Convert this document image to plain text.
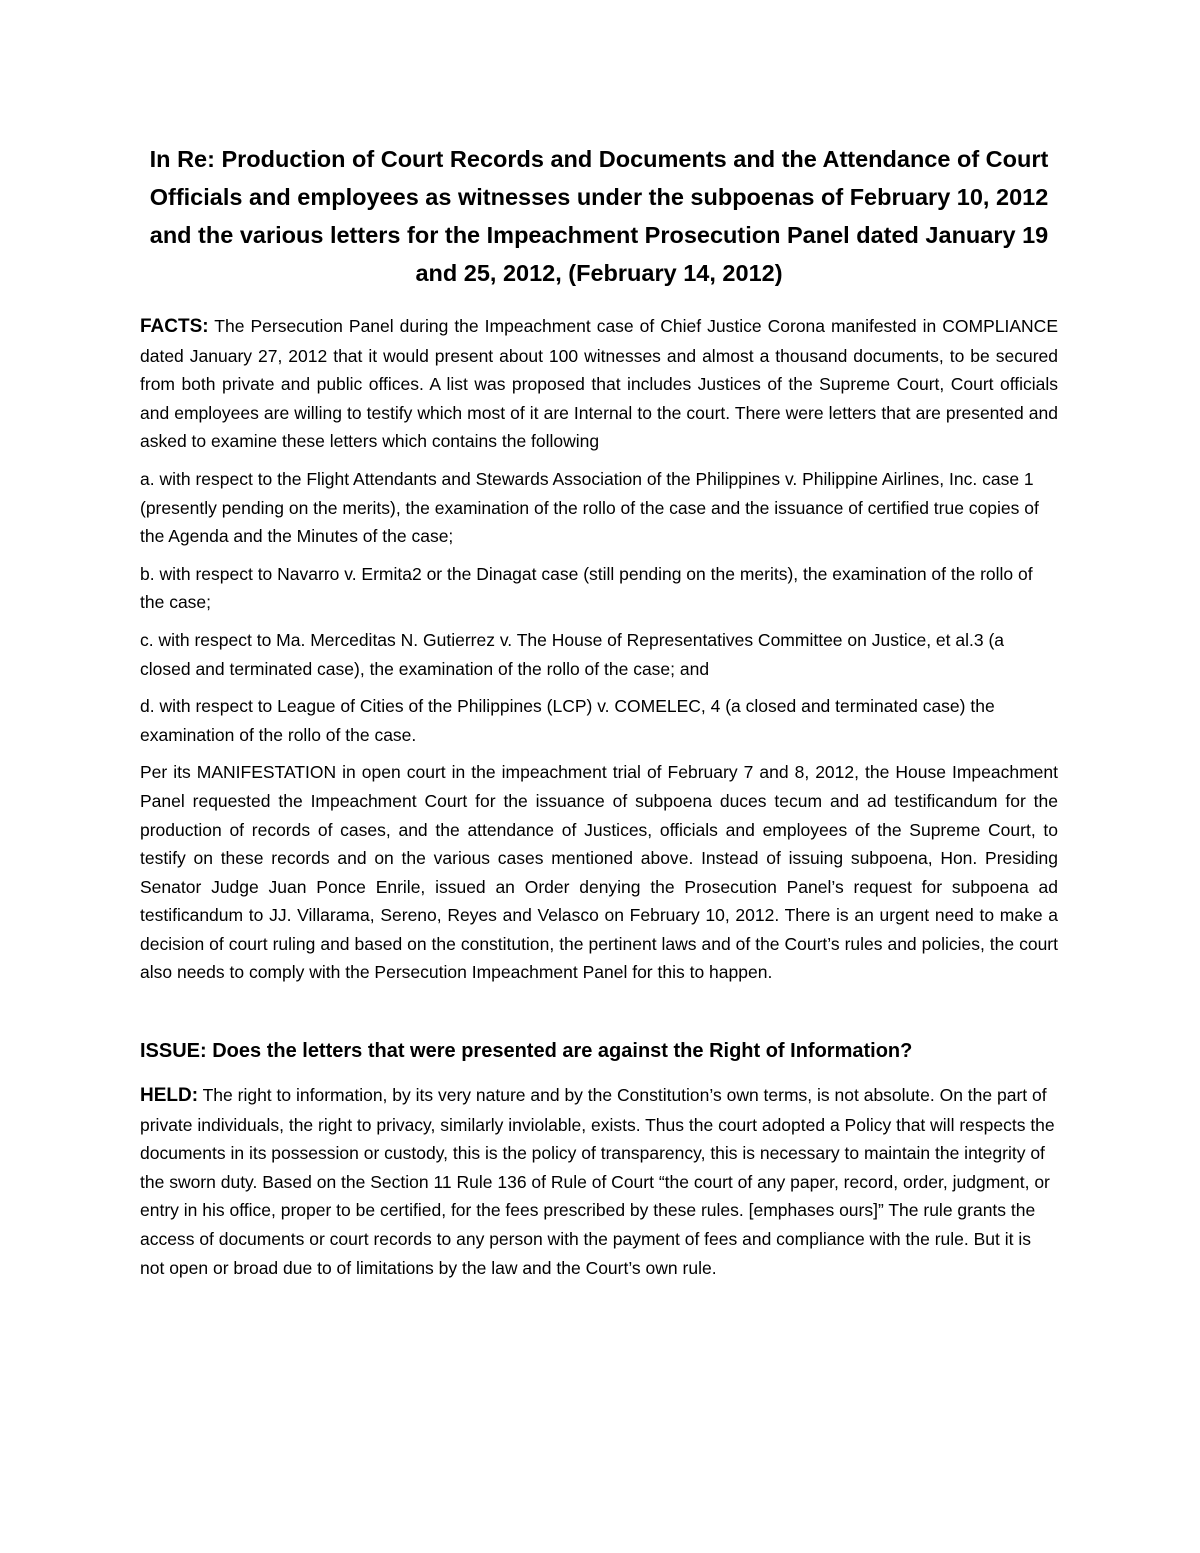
In Re: Production of Court Records and Documents and the Attendance of Court Officials and employees as witnesses under the subpoenas of February 10, 2012 and the various letters for the Impeachment Prosecution Panel dated January 19 and 25, 2012, (February 14, 2012)

FACTS: The Persecution Panel during the Impeachment case of Chief Justice Corona manifested in COMPLIANCE dated January 27, 2012 that it would present about 100 witnesses and almost a thousand documents, to be secured from both private and public offices. A list was proposed that includes Justices of the Supreme Court, Court officials and employees are willing to testify which most of it are Internal to the court. There were letters that are presented and asked to examine these letters which contains the following

a. with respect to the Flight Attendants and Stewards Association of the Philippines v. Philippine Airlines, Inc. case 1 (presently pending on the merits), the examination of the rollo of the case and the issuance of certified true copies of the Agenda and the Minutes of the case;

b. with respect to Navarro v. Ermita2 or the Dinagat case (still pending on the merits), the examination of the rollo of the case;

c. with respect to Ma. Merceditas N. Gutierrez v. The House of Representatives Committee on Justice, et al.3 (a closed and terminated case), the examination of the rollo of the case; and

d. with respect to League of Cities of the Philippines (LCP) v. COMELEC, 4 (a closed and terminated case) the examination of the rollo of the case.

Per its MANIFESTATION in open court in the impeachment trial of February 7 and 8, 2012, the House Impeachment Panel requested the Impeachment Court for the issuance of subpoena duces tecum and ad testificandum for the production of records of cases, and the attendance of Justices, officials and employees of the Supreme Court, to testify on these records and on the various cases mentioned above. Instead of issuing subpoena, Hon. Presiding Senator Judge Juan Ponce Enrile, issued an Order denying the Prosecution Panel’s request for subpoena ad testificandum to JJ. Villarama, Sereno, Reyes and Velasco on February 10, 2012. There is an urgent need to make a decision of court ruling and based on the constitution, the pertinent laws and of the Court’s rules and policies, the court also needs to comply with the Persecution Impeachment Panel for this to happen.

ISSUE: Does the letters that were presented are against the Right of Information?

HELD: The right to information, by its very nature and by the Constitution’s own terms, is not absolute. On the part of private individuals, the right to privacy, similarly inviolable, exists. Thus the court adopted a Policy that will respects the documents in its possession or custody, this is the policy of transparency, this is necessary to maintain the integrity of the sworn duty. Based on the Section 11 Rule 136 of Rule of Court “the court of any paper, record, order, judgment, or entry in his office, proper to be certified, for the fees prescribed by these rules. [emphases ours]” The rule grants the access of documents or court records to any person with the payment of fees and compliance with the rule. But it is not open or broad due to of limitations by the law and the Court’s own rule.
